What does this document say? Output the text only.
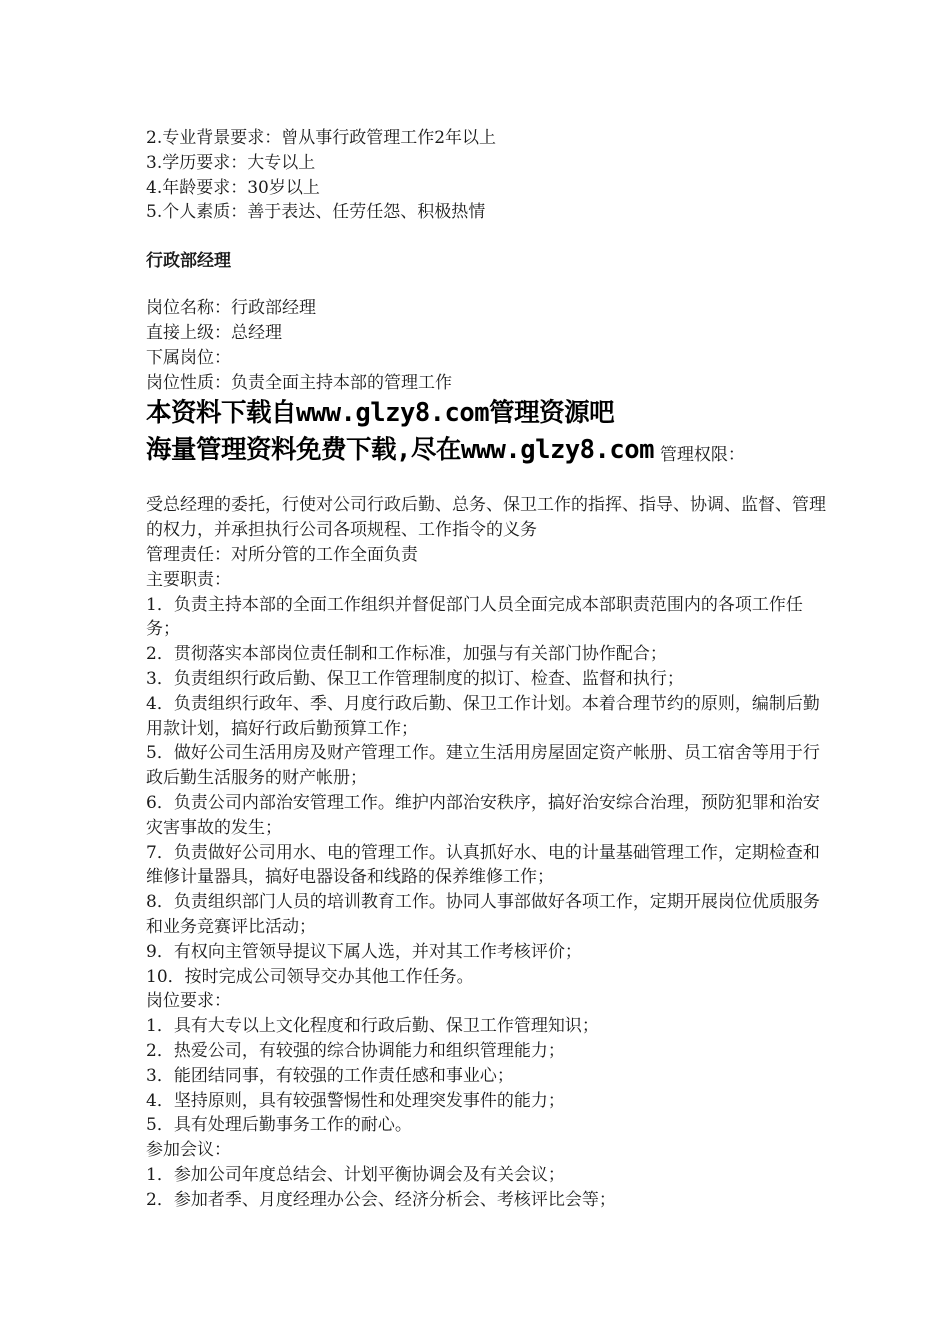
2.专业背景要求：曾从事行政管理工作2年以上
3.学历要求：大专以上
4.年龄要求：30岁以上
5.个人素质：善于表达、任劳任怨、积极热情
行政部经理
岗位名称：行政部经理
直接上级：总经理
下属岗位：
岗位性质：负责全面主持本部的管理工作
本资料下载自www.glzy8.com管理资源吧
海量管理资料免费下载,尽在www.glzy8.com 管理权限：
受总经理的委托，行使对公司行政后勤、总务、保卫工作的指挥、指导、协调、监督、管理的权力，并承担执行公司各项规程、工作指令的义务
管理责任：对所分管的工作全面负责
主要职责：
1．负责主持本部的全面工作组织并督促部门人员全面完成本部职责范围内的各项工作任务；
2．贯彻落实本部岗位责任制和工作标准，加强与有关部门协作配合；
3．负责组织行政后勤、保卫工作管理制度的拟订、检查、监督和执行；
4．负责组织行政年、季、月度行政后勤、保卫工作计划。本着合理节约的原则，编制后勤用款计划，搞好行政后勤预算工作；
5．做好公司生活用房及财产管理工作。建立生活用房屋固定资产帐册、员工宿舍等用于行政后勤生活服务的财产帐册；
6．负责公司内部治安管理工作。维护内部治安秩序，搞好治安综合治理，预防犯罪和治安灾害事故的发生；
7．负责做好公司用水、电的管理工作。认真抓好水、电的计量基础管理工作，定期检查和维修计量器具，搞好电器设备和线路的保养维修工作；
8．负责组织部门人员的培训教育工作。协同人事部做好各项工作，定期开展岗位优质服务和业务竞赛评比活动；
9．有权向主管领导提议下属人选，并对其工作考核评价；
10．按时完成公司领导交办其他工作任务。
岗位要求：
1．具有大专以上文化程度和行政后勤、保卫工作管理知识；
2．热爱公司，有较强的综合协调能力和组织管理能力；
3．能团结同事，有较强的工作责任感和事业心；
4．坚持原则，具有较强警惕性和处理突发事件的能力；
5．具有处理后勤事务工作的耐心。
参加会议：
1．参加公司年度总结会、计划平衡协调会及有关会议；
2．参加者季、月度经理办公会、经济分析会、考核评比会等；
